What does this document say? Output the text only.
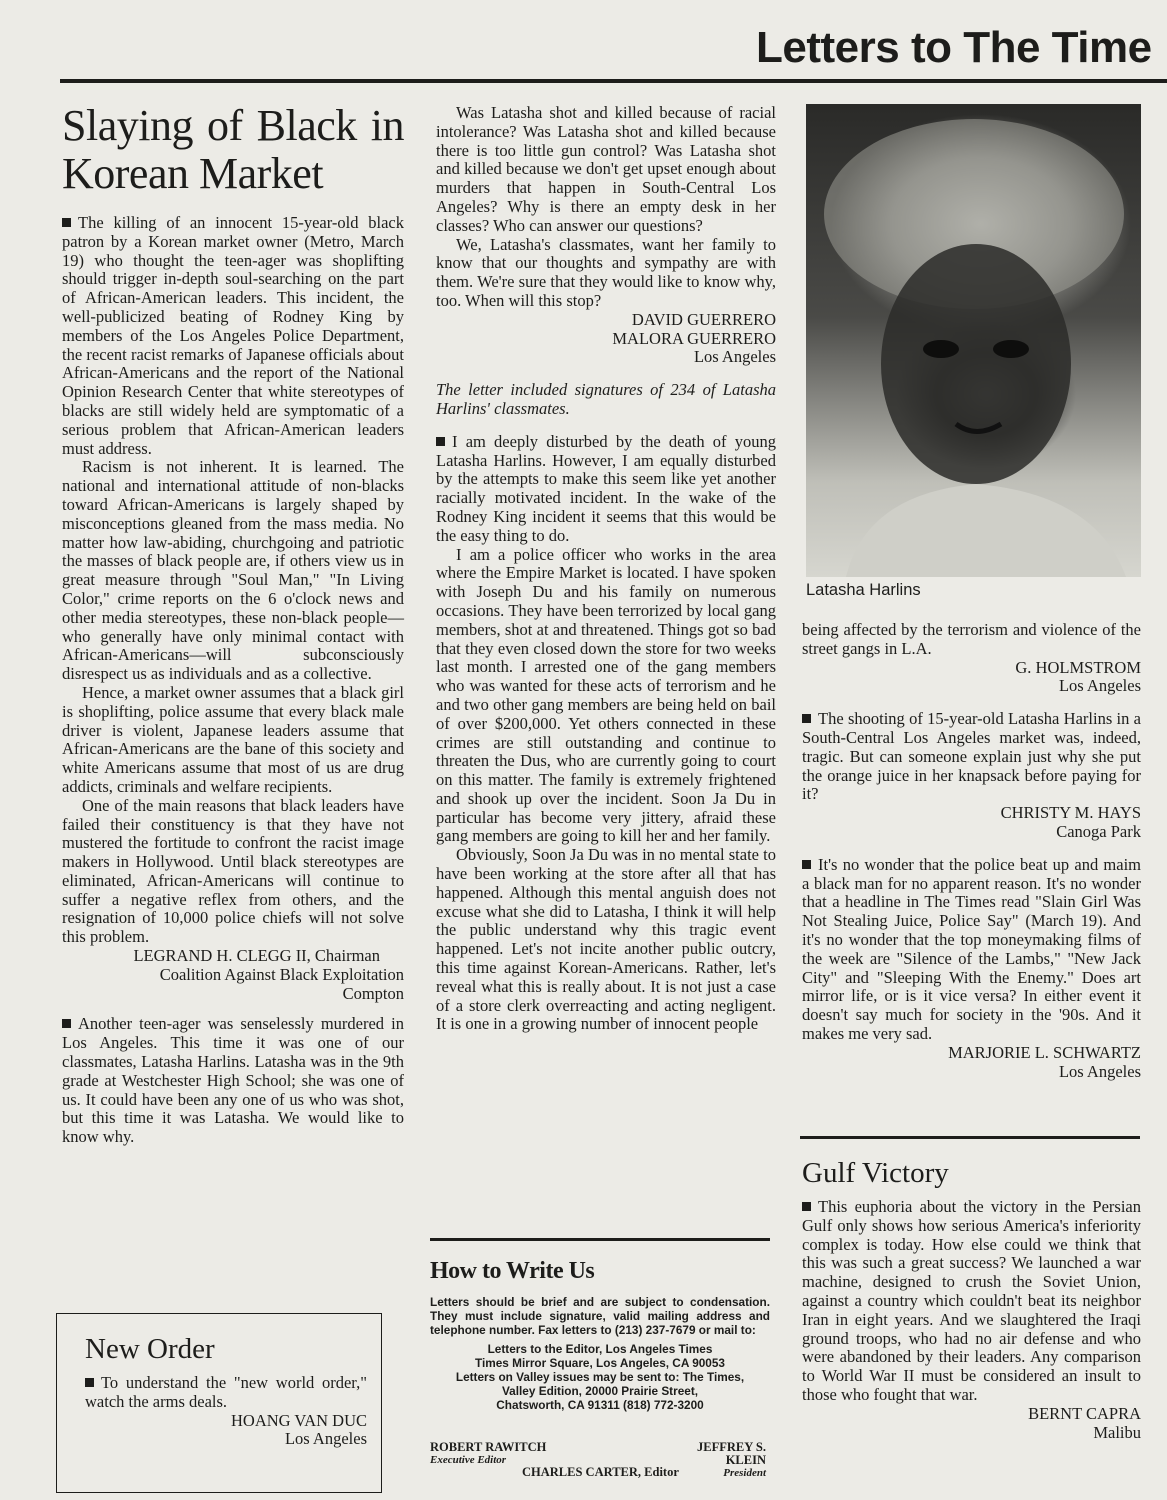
Letters to The Time
Slaying of Black in Korean Market

The killing of an innocent 15-year-old black patron by a Korean market owner (Metro, March 19) who thought the teen-ager was shoplifting should trigger in-depth soul-searching on the part of African-American leaders. This incident, the well-publicized beating of Rodney King by members of the Los Angeles Police Department, the recent racist remarks of Japanese officials about African-Americans and the report of the National Opinion Research Center that white stereotypes of blacks are still widely held are symptomatic of a serious problem that African-American leaders must address.

Racism is not inherent. It is learned. The national and international attitude of non-blacks toward African-Americans is largely shaped by misconceptions gleaned from the mass media. No matter how law-abiding, churchgoing and patriotic the masses of black people are, if others view us in great measure through "Soul Man," "In Living Color," crime reports on the 6 o'clock news and other media stereotypes, these non-black people—who generally have only minimal contact with African-Americans—will subconsciously disrespect us as individuals and as a collective.

Hence, a market owner assumes that a black girl is shoplifting, police assume that every black male driver is violent, Japanese leaders assume that African-Americans are the bane of this society and white Americans assume that most of us are drug addicts, criminals and welfare recipients.

One of the main reasons that black leaders have failed their constituency is that they have not mustered the fortitude to confront the racist image makers in Hollywood. Until black stereotypes are eliminated, African-Americans will continue to suffer a negative reflex from others, and the resignation of 10,000 police chiefs will not solve this problem.

LEGRAND H. CLEGG II, Chairman

Coalition Against Black Exploitation

Compton

Another teen-ager was senselessly murdered in Los Angeles. This time it was one of our classmates, Latasha Harlins. Latasha was in the 9th grade at Westchester High School; she was one of us. It could have been any one of us who was shot, but this time it was Latasha. We would like to know why.

New Order
To understand the "new world order," watch the arms deals.
HOANG VAN DUC
Los Angeles

Was Latasha shot and killed because of racial intolerance? Was Latasha shot and killed because there is too little gun control? Was Latasha shot and killed because we don't get upset enough about murders that happen in South-Central Los Angeles? Why is there an empty desk in her classes? Who can answer our questions?

We, Latasha's classmates, want her family to know that our thoughts and sympathy are with them. We're sure that they would like to know why, too. When will this stop?

DAVID GUERRERO

MALORA GUERRERO

Los Angeles

The letter included signatures of 234 of Latasha Harlins' classmates.

I am deeply disturbed by the death of young Latasha Harlins. However, I am equally disturbed by the attempts to make this seem like yet another racially motivated incident. In the wake of the Rodney King incident it seems that this would be the easy thing to do.

I am a police officer who works in the area where the Empire Market is located. I have spoken with Joseph Du and his family on numerous occasions. They have been terrorized by local gang members, shot at and threatened. Things got so bad that they even closed down the store for two weeks last month. I arrested one of the gang members who was wanted for these acts of terrorism and he and two other gang members are being held on bail of over $200,000. Yet others connected in these crimes are still outstanding and continue to threaten the Dus, who are currently going to court on this matter. The family is extremely frightened and shook up over the incident. Soon Ja Du in particular has become very jittery, afraid these gang members are going to kill her and her family.

Obviously, Soon Ja Du was in no mental state to have been working at the store after all that has happened. Although this mental anguish does not excuse what she did to Latasha, I think it will help the public understand why this tragic event happened. Let's not incite another public outcry, this time against Korean-Americans. Rather, let's reveal what this is really about. It is not just a case of a store clerk overreacting and acting negligent. It is one in a growing number of innocent people

How to Write Us
Letters should be brief and are subject to condensation. They must include signature, valid mailing address and telephone number. Fax letters to (213) 237-7679 or mail to:
Letters to the Editor, Los Angeles Times
Times Mirror Square, Los Angeles, CA 90053
Letters on Valley issues may be sent to: The Times,
Valley Edition, 20000 Prairie Street,
Chatsworth, CA 91311 (818) 772-3200
ROBERT RAWITCH
Executive Editor
JEFFREY S. KLEIN
President
CHARLES CARTER, Editor
Latasha Harlins

being affected by the terrorism and violence of the street gangs in L.A.

G. HOLMSTROM

Los Angeles

The shooting of 15-year-old Latasha Harlins in a South-Central Los Angeles market was, indeed, tragic. But can someone explain just why she put the orange juice in her knapsack before paying for it?

CHRISTY M. HAYS

Canoga Park

It's no wonder that the police beat up and maim a black man for no apparent reason. It's no wonder that a headline in The Times read "Slain Girl Was Not Stealing Juice, Police Say" (March 19). And it's no wonder that the top moneymaking films of the week are "Silence of the Lambs," "New Jack City" and "Sleeping With the Enemy." Does art mirror life, or is it vice versa? In either event it doesn't say much for society in the '90s. And it makes me very sad.

MARJORIE L. SCHWARTZ

Los Angeles

Gulf Victory

This euphoria about the victory in the Persian Gulf only shows how serious America's inferiority complex is today. How else could we think that this was such a great success? We launched a war machine, designed to crush the Soviet Union, against a country which couldn't beat its neighbor Iran in eight years. And we slaughtered the Iraqi ground troops, who had no air defense and who were abandoned by their leaders. Any comparison to World War II must be considered an insult to those who fought that war.

BERNT CAPRA

Malibu
